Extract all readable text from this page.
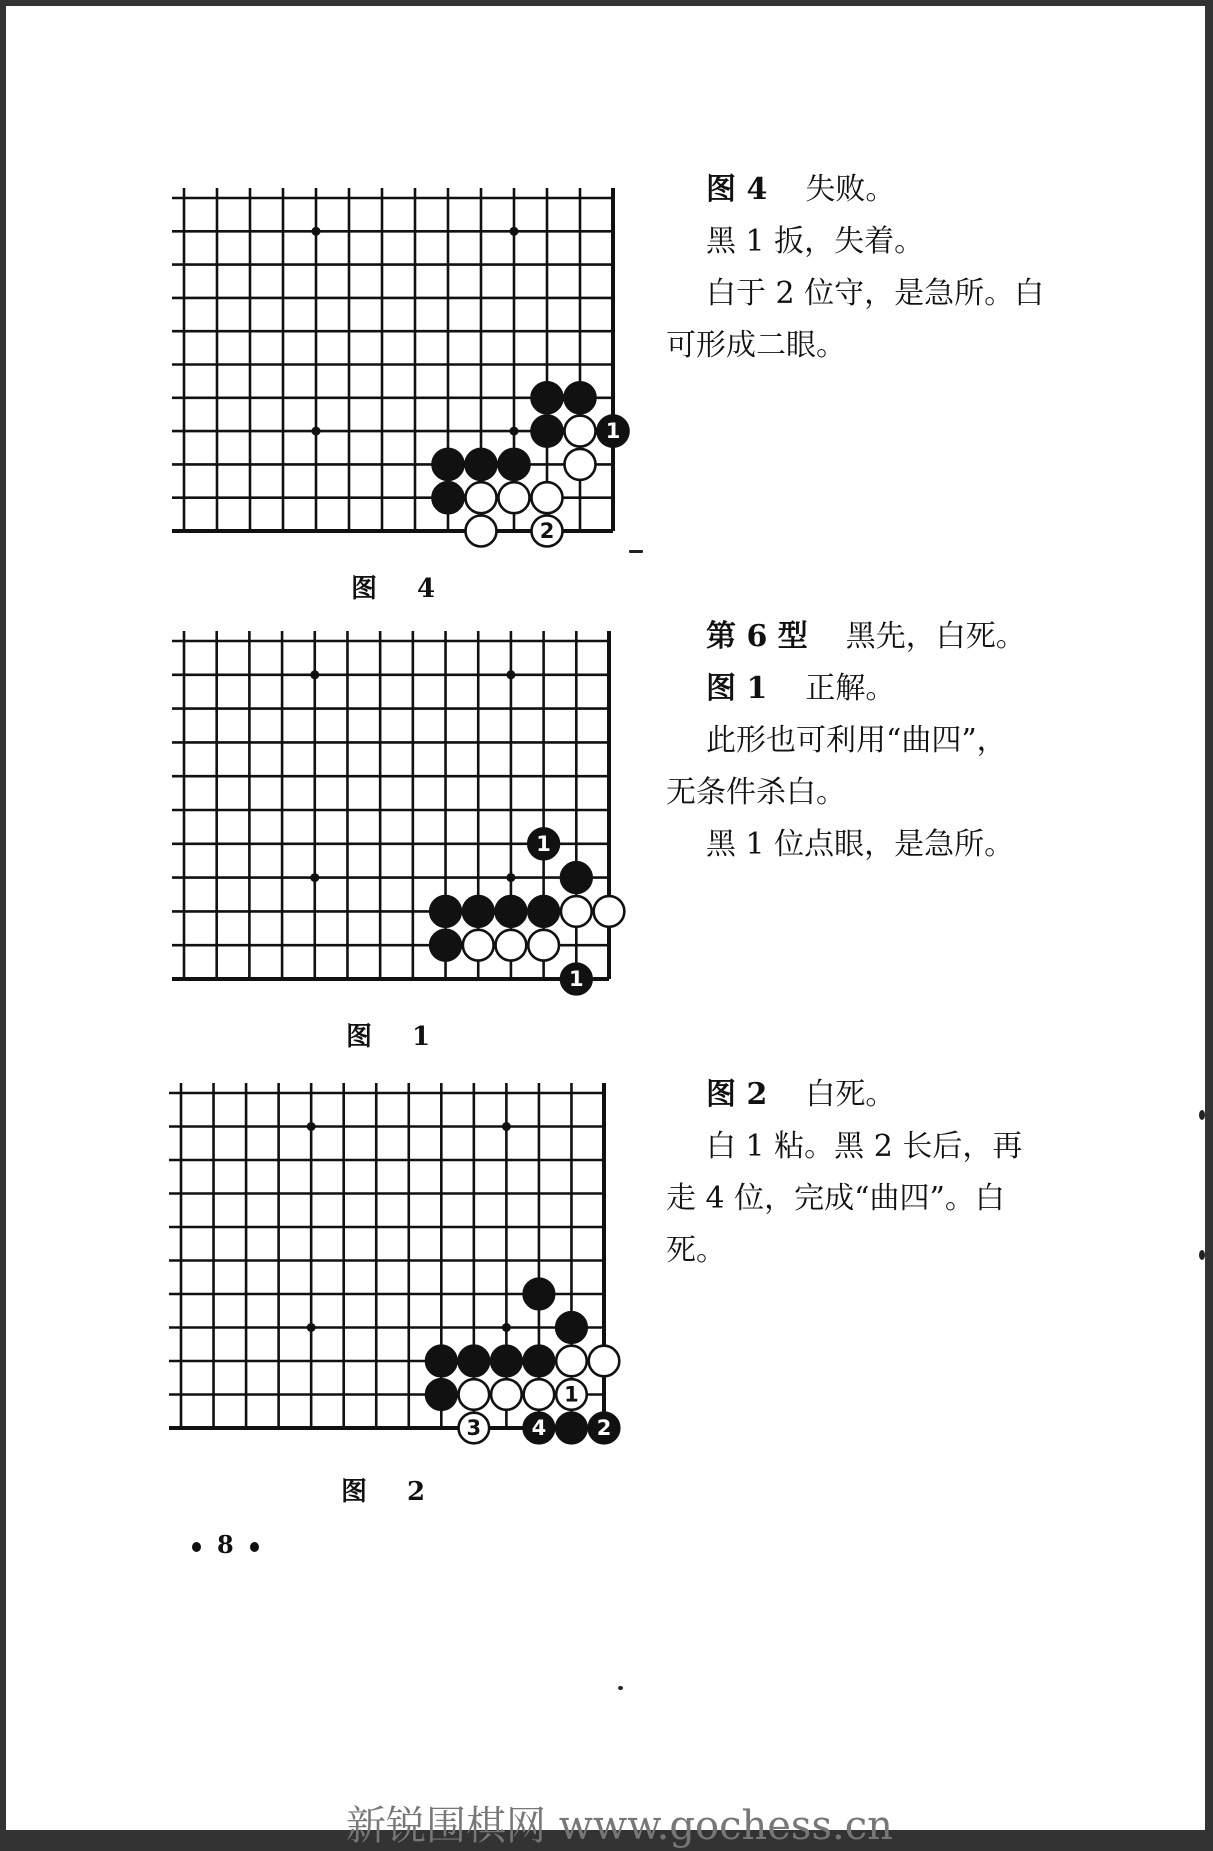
1
2
1
1
1
3 4 2
图 4

图 4 失败。

黑 1 扳，失着。

白于 2 位守，是急所。白

可形成二眼。

图 1

第 6 型 黑先，白死。

图 1 正解。

此形也可利用“曲四”，

无条件杀白。

黑 1 位点眼，是急所。

图 2

图 2 白死。

白 1 粘。黑 2 长后，再

走 4 位，完成“曲四”。白

死。

8
新锐围棋网 www.gochess.cn
